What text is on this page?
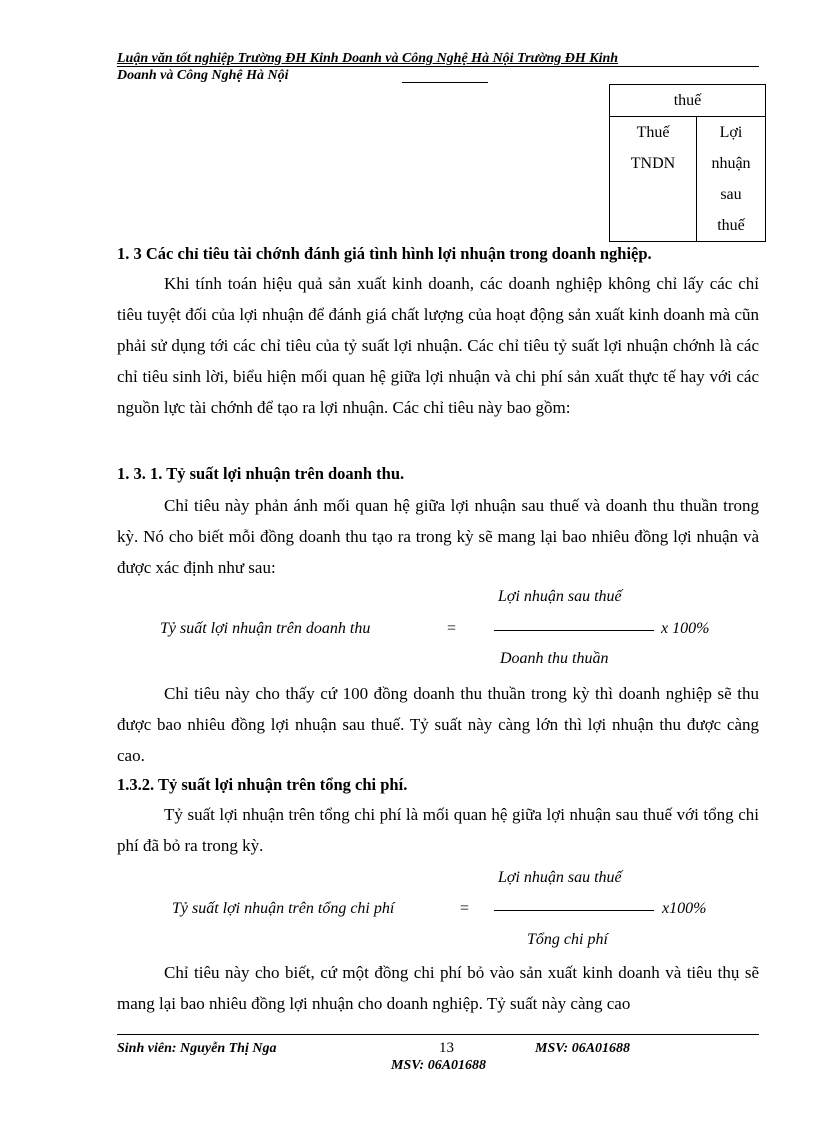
Luận văn tốt nghiệp Trường ĐH Kinh Doanh và Công Nghệ Hà Nội Trường ĐH Kinh
Doanh và Công Nghệ Hà Nội
thuế

Thuế
TNDN

Lợi
nhuận
sau
thuế
1. 3 Các chỉ tiêu tài chớnh đánh giá tình hình lợi nhuận trong doanh nghiệp.

Khi tính toán hiệu quả sản xuất kinh doanh, các doanh nghiệp không chỉ lấy các chỉ tiêu tuyệt đối của lợi nhuận để đánh giá chất lượng của hoạt động sản xuất kinh doanh mà cũn phải sử dụng tới các chỉ tiêu của tỷ suất lợi nhuận. Các chỉ tiêu tỷ suất lợi nhuận chớnh là các chỉ tiêu sinh lời, biểu hiện mối quan hệ giữa lợi nhuận và chi phí sản xuất thực tế hay với các nguồn lực tài chớnh để tạo ra lợi nhuận. Các chỉ tiêu này bao gồm:

1. 3. 1. Tỷ suất lợi nhuận trên doanh thu.

Chỉ tiêu này phản ánh mối quan hệ giữa lợi nhuận sau thuế và doanh thu thuần trong kỳ. Nó cho biết mỗi đồng doanh thu tạo ra trong kỳ sẽ mang lại bao nhiêu đồng lợi nhuận và được xác định như sau:

Lợi nhuận sau thuế
Tỷ suất lợi nhuận trên doanh thu	=	x 100%
Doanh thu thuần

Chỉ tiêu này cho thấy cứ 100 đồng doanh thu thuần trong kỳ thì doanh nghiệp sẽ thu được bao nhiêu đồng lợi nhuận sau thuế. Tỷ suất này càng lớn thì lợi nhuận thu được càng cao.

1.3.2. Tỷ suất lợi nhuận trên tổng chi phí.

Tỷ suất lợi nhuận trên tổng chi phí là mối quan hệ giữa lợi nhuận sau thuế với tổng chi phí đã bỏ ra trong kỳ.

Lợi nhuận sau thuế
Tỷ suất lợi nhuận trên tổng chi phí	=	x100%
Tổng chi phí

Chỉ tiêu này cho biết, cứ một đồng chi phí bỏ vào sản xuất kinh doanh và tiêu thụ sẽ mang lại bao nhiêu đồng lợi nhuận cho doanh nghiệp. Tỷ suất này càng cao

Sinh viên: Nguyễn Thị Nga	13	MSV: 06A01688
MSV: 06A01688
